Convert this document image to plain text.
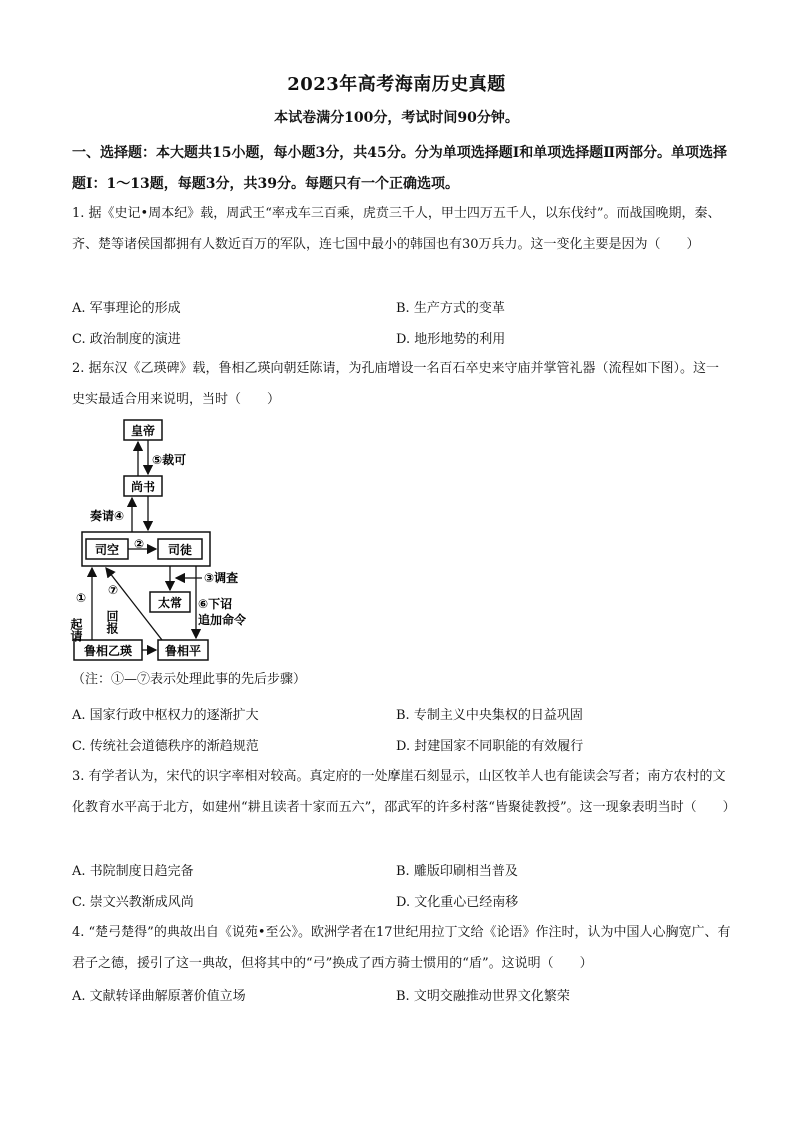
2023年高考海南历史真题
本试卷满分100分，考试时间90分钟。
一、选择题：本大题共15小题，每小题3分，共45分。分为单项选择题Ⅰ和单项选择题Ⅱ两部分。单项选择题Ⅰ：1～13题，每题3分，共39分。每题只有一个正确选项。
1. 据《史记•周本纪》载，周武王“率戎车三百乘，虎贲三千人，甲士四万五千人，以东伐纣”。而战国晚期，秦、齐、楚等诸侯国都拥有人数近百万的军队，连七国中最小的韩国也有30万兵力。这一变化主要是因为（　　）
A. 军事理论的形成	B. 生产方式的变革
C. 政治制度的演进	D. 地形地势的利用
2. 据东汉《乙瑛碑》载，鲁相乙瑛向朝廷陈请，为孔庙增设一名百石卒史来守庙并掌管礼器（流程如下图）。这一史实最适合用来说明，当时（　　）
皇帝
尚书
司空	司徒
太常
鲁相乙瑛	鲁相平
⑤裁可
奏请④
②
③调查
⑥下诏
追加命令
①
起请
⑦
回报
（注：①—⑦表示处理此事的先后步骤）
A. 国家行政中枢权力的逐渐扩大	B. 专制主义中央集权的日益巩固
C. 传统社会道德秩序的渐趋规范	D. 封建国家不同职能的有效履行
3. 有学者认为，宋代的识字率相对较高。真定府的一处摩崖石刻显示，山区牧羊人也有能读会写者；南方农村的文化教育水平高于北方，如建州“耕且读者十家而五六”，邵武军的许多村落“皆聚徒教授”。这一现象表明当时（　　）
A. 书院制度日趋完备	B. 雕版印刷相当普及
C. 崇文兴教渐成风尚	D. 文化重心已经南移
4. “楚弓楚得”的典故出自《说苑•至公》。欧洲学者在17世纪用拉丁文给《论语》作注时，认为中国人心胸宽广、有君子之德，援引了这一典故，但将其中的“弓”换成了西方骑士惯用的“盾”。这说明（　　）
A. 文献转译曲解原著价值立场	B. 文明交融推动世界文化繁荣
